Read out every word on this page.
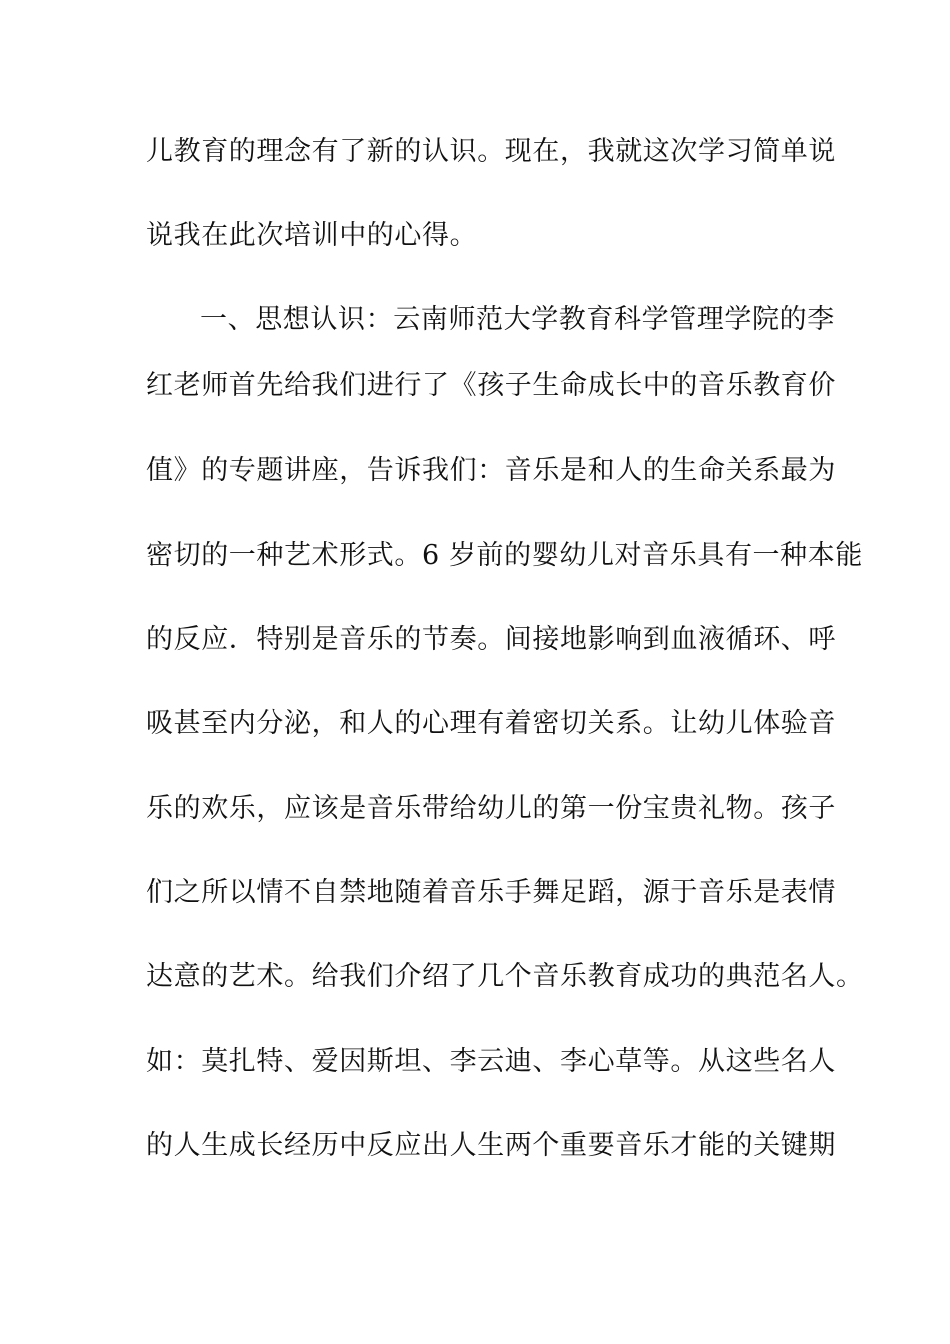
儿教育的理念有了新的认识。现在，我就这次学习简单说
说我在此次培训中的心得。
一、思想认识：云南师范大学教育科学管理学院的李
红老师首先给我们进行了《孩子生命成长中的音乐教育价
值》的专题讲座，告诉我们：音乐是和人的生命关系最为
密切的一种艺术形式。6 岁前的婴幼儿对音乐具有一种本能
的反应．特别是音乐的节奏。间接地影响到血液循环、呼
吸甚至内分泌，和人的心理有着密切关系。让幼儿体验音
乐的欢乐，应该是音乐带给幼儿的第一份宝贵礼物。孩子
们之所以情不自禁地随着音乐手舞足蹈，源于音乐是表情
达意的艺术。给我们介绍了几个音乐教育成功的典范名人。
如：莫扎特、爱因斯坦、李云迪、李心草等。从这些名人
的人生成长经历中反应出人生两个重要音乐才能的关键期
